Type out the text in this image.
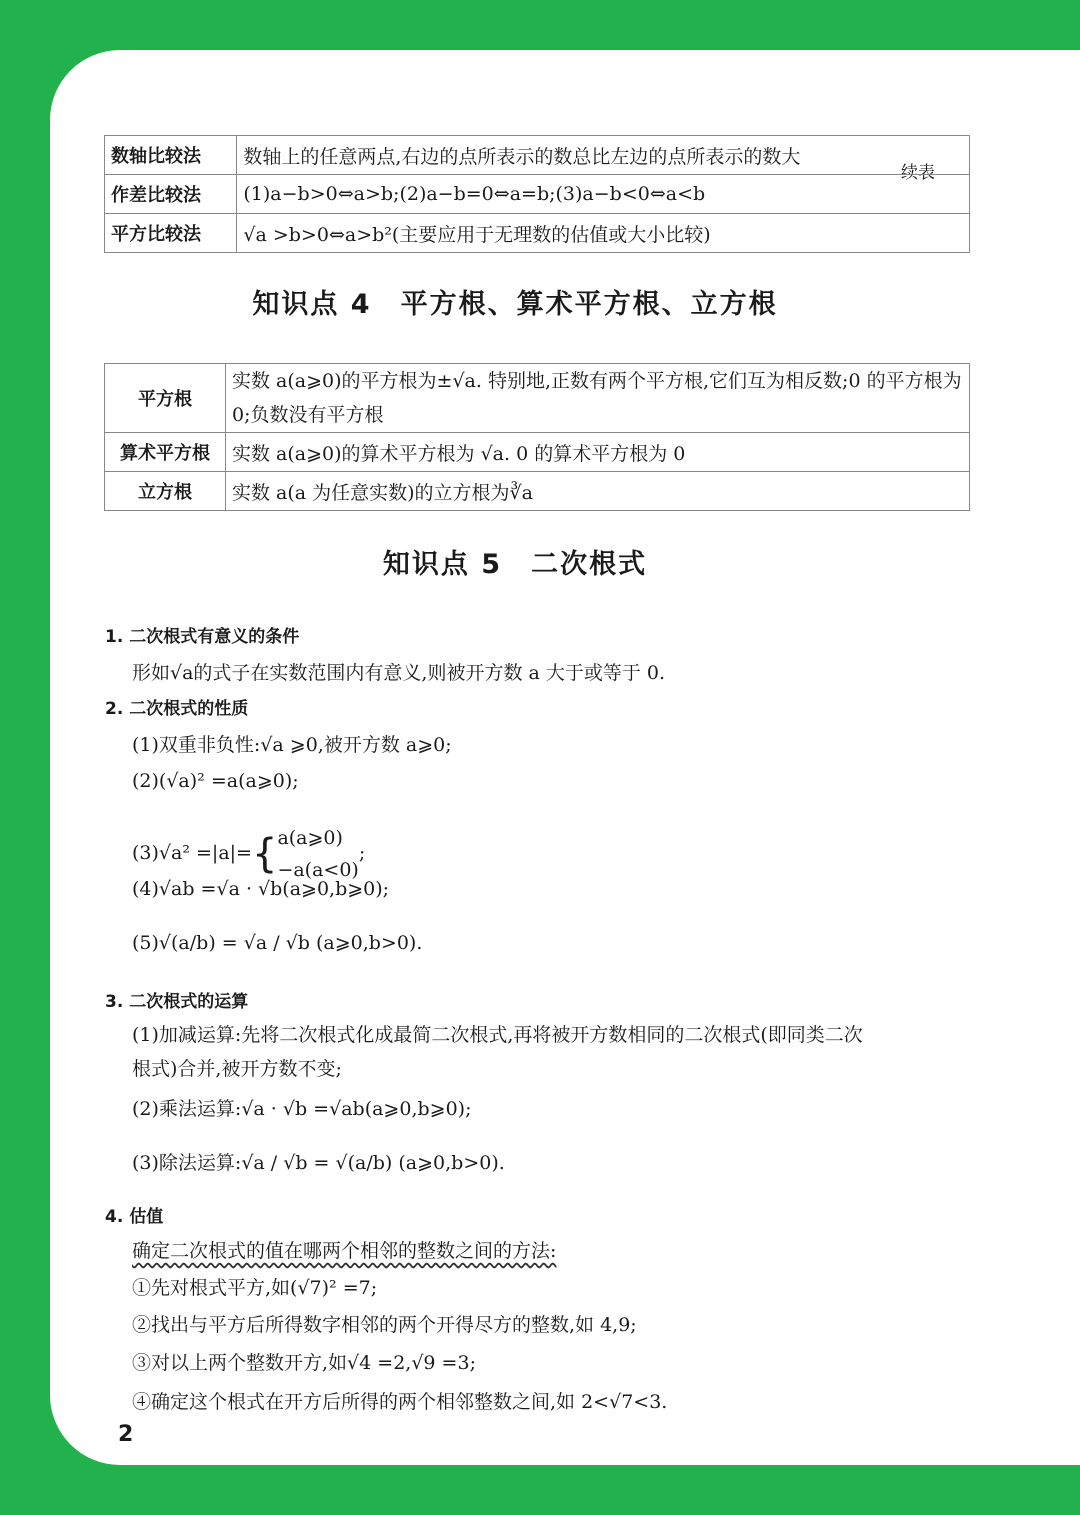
续表
数轴比较法	数轴上的任意两点,右边的点所表示的数总比左边的点所表示的数大
作差比较法	(1)a−b>0⇔a>b;(2)a−b=0⇔a=b;(3)a−b<0⇔a<b
平方比较法	√a >b>0⇔a>b²(主要应用于无理数的估值或大小比较)
知识点 4　平方根、算术平方根、立方根
平方根	实数 a(a⩾0)的平方根为±√a. 特别地,正数有两个平方根,它们互为相反数;0 的平方根为 0;负数没有平方根
算术平方根	实数 a(a⩾0)的算术平方根为 √a. 0 的算术平方根为 0
立方根	实数 a(a 为任意实数)的立方根为∛a
知识点 5　二次根式
1. 二次根式有意义的条件
形如√a的式子在实数范围内有意义,则被开方数 a 大于或等于 0.
2. 二次根式的性质
(1)双重非负性:√a ⩾0,被开方数 a⩾0;
(2)(√a)² =a(a⩾0);
(3)√a² =|a|={a(a⩾0)
−a(a<0);
(4)√ab =√a · √b(a⩾0,b⩾0);
(5)√(a/b) = √a / √b (a⩾0,b>0).
3. 二次根式的运算
(1)加减运算:先将二次根式化成最简二次根式,再将被开方数相同的二次根式(即同类二次
根式)合并,被开方数不变;
(2)乘法运算:√a · √b =√ab(a⩾0,b⩾0);
(3)除法运算:√a / √b = √(a/b) (a⩾0,b>0).
4. 估值
确定二次根式的值在哪两个相邻的整数之间的方法:
①先对根式平方,如(√7)² =7;
②找出与平方后所得数字相邻的两个开得尽方的整数,如 4,9;
③对以上两个整数开方,如√4 =2,√9 =3;
④确定这个根式在开方后所得的两个相邻整数之间,如 2<√7<3.
2
